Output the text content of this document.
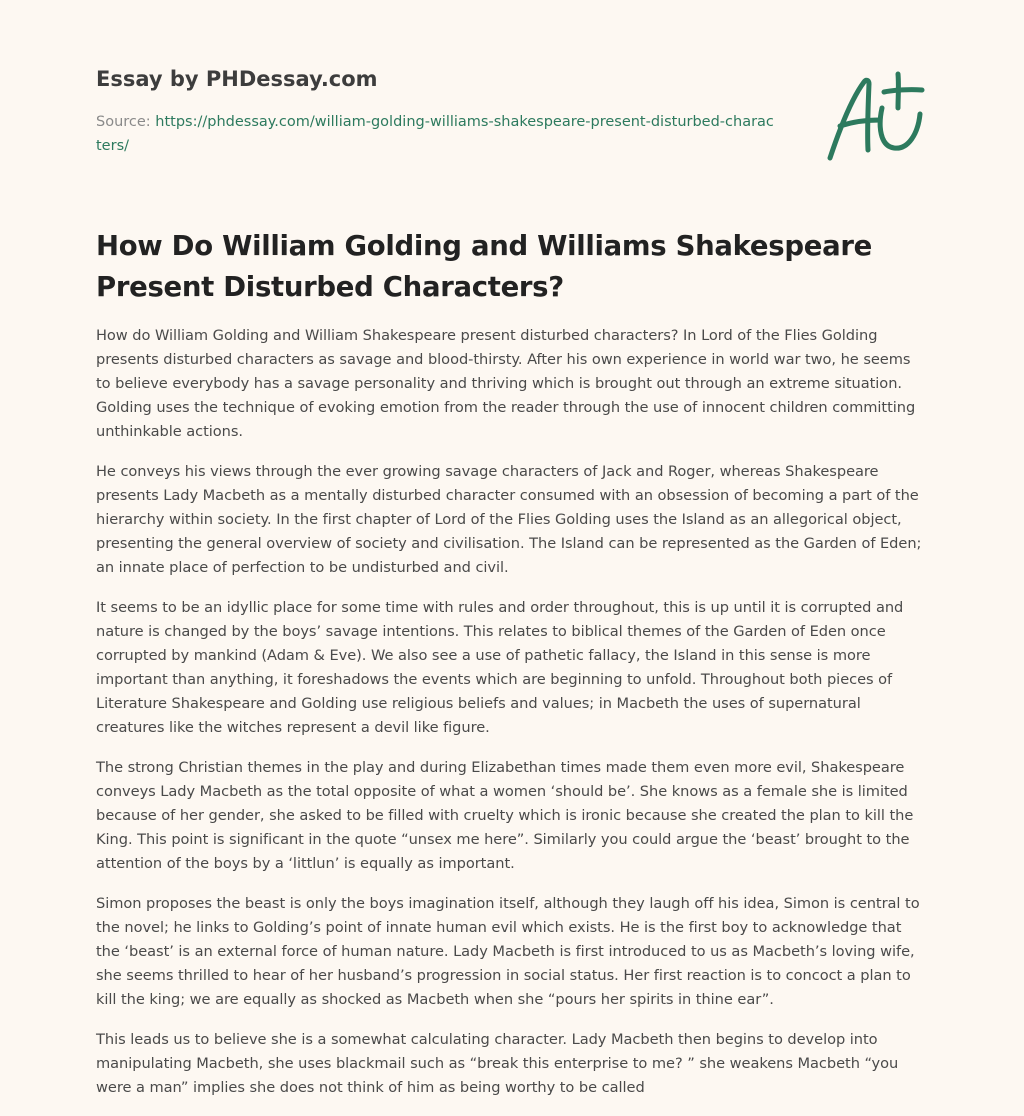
Essay by PHDessay.com
Source: https://phdessay.com/william-golding-williams-shakespeare-present-disturbed-characters/
How Do William Golding and Williams Shakespeare Present Disturbed Characters?

How do William Golding and William Shakespeare present disturbed characters? In Lord of the Flies Golding presents disturbed characters as savage and blood-thirsty. After his own experience in world war two, he seems to believe everybody has a savage personality and thriving which is brought out through an extreme situation. Golding uses the technique of evoking emotion from the reader through the use of innocent children committing unthinkable actions.

He conveys his views through the ever growing savage characters of Jack and Roger, whereas Shakespeare presents Lady Macbeth as a mentally disturbed character consumed with an obsession of becoming a part of the hierarchy within society. In the first chapter of Lord of the Flies Golding uses the Island as an allegorical object, presenting the general overview of society and civilisation. The Island can be represented as the Garden of Eden; an innate place of perfection to be undisturbed and civil.

It seems to be an idyllic place for some time with rules and order throughout, this is up until it is corrupted and nature is changed by the boys’ savage intentions. This relates to biblical themes of the Garden of Eden once corrupted by mankind (Adam & Eve). We also see a use of pathetic fallacy, the Island in this sense is more important than anything, it foreshadows the events which are beginning to unfold. Throughout both pieces of Literature Shakespeare and Golding use religious beliefs and values; in Macbeth the uses of supernatural creatures like the witches represent a devil like figure.

The strong Christian themes in the play and during Elizabethan times made them even more evil, Shakespeare conveys Lady Macbeth as the total opposite of what a women ‘should be’. She knows as a female she is limited because of her gender, she asked to be filled with cruelty which is ironic because she created the plan to kill the King. This point is significant in the quote “unsex me here”. Similarly you could argue the ‘beast’ brought to the attention of the boys by a ‘littlun’ is equally as important.

Simon proposes the beast is only the boys imagination itself, although they laugh off his idea, Simon is central to the novel; he links to Golding’s point of innate human evil which exists. He is the first boy to acknowledge that the ‘beast’ is an external force of human nature. Lady Macbeth is first introduced to us as Macbeth’s loving wife, she seems thrilled to hear of her husband’s progression in social status. Her first reaction is to concoct a plan to kill the king; we are equally as shocked as Macbeth when she “pours her spirits in thine ear”.

This leads us to believe she is a somewhat calculating character. Lady Macbeth then begins to develop into manipulating Macbeth, she uses blackmail such as “break this enterprise to me? ” she weakens Macbeth “you were a man” implies she does not think of him as being worthy to be called
